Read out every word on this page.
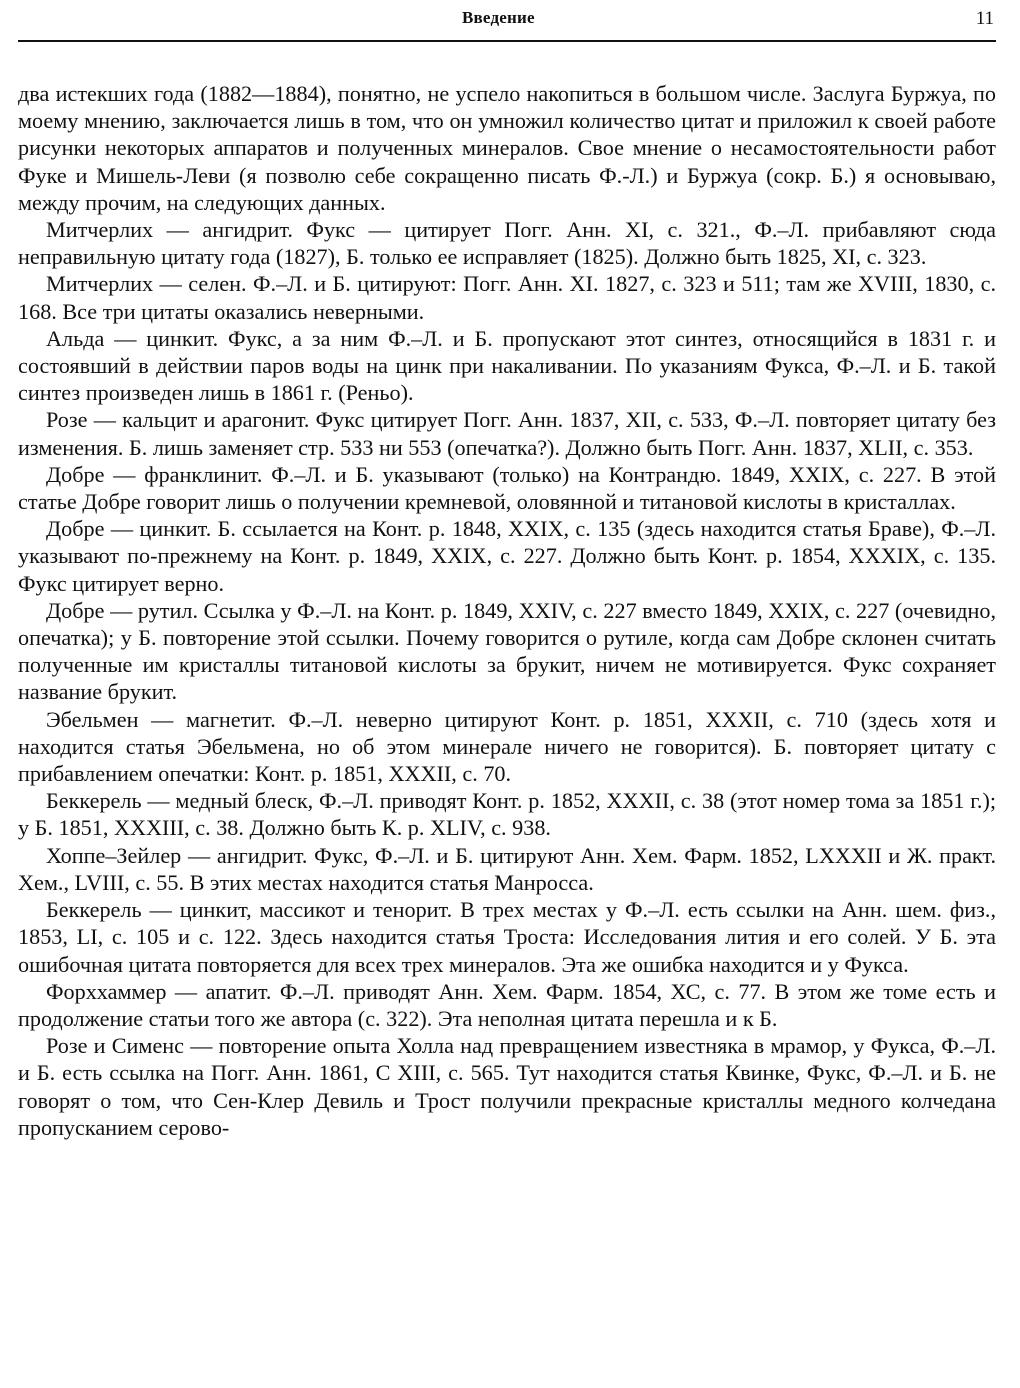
Введение	11

два истекших года (1882—1884), понятно, не успело накопиться в большом числе. Заслуга Буржуа, по моему мнению, заключается лишь в том, что он умножил количество цитат и приложил к своей работе рисунки некоторых аппаратов и полученных минералов. Свое мнение о несамостоятельности работ Фуке и Мишель-Леви (я позволю себе сокращенно писать Ф.-Л.) и Буржуа (сокр. Б.) я основываю, между прочим, на следующих данных.

Митчерлих — ангидрит. Фукс — цитирует Погг. Анн. XI, с. 321., Ф.–Л. прибавляют сюда неправильную цитату года (1827), Б. только ее исправляет (1825). Должно быть 1825, XI, с. 323.

Митчерлих — селен. Ф.–Л. и Б. цитируют: Погг. Анн. XI. 1827, с. 323 и 511; там же XVIII, 1830, с. 168. Все три цитаты оказались неверными.

Альда — цинкит. Фукс, а за ним Ф.–Л. и Б. пропускают этот синтез, относящийся в 1831 г. и состоявший в действии паров воды на цинк при накаливании. По указаниям Фукса, Ф.–Л. и Б. такой синтез произведен лишь в 1861 г. (Реньо).

Розе — кальцит и арагонит. Фукс цитирует Погг. Анн. 1837, XII, с. 533, Ф.–Л. повторяет цитату без изменения. Б. лишь заменяет стр. 533 ни 553 (опечатка?). Должно быть Погг. Анн. 1837, XLII, с. 353.

Добре — франклинит. Ф.–Л. и Б. указывают (только) на Контрандю. 1849, XXIX, с. 227. В этой статье Добре говорит лишь о получении кремневой, оловянной и титановой кислоты в кристаллах.

Добре — цинкит. Б. ссылается на Конт. р. 1848, XXIX, с. 135 (здесь находится статья Браве), Ф.–Л. указывают по-прежнему на Конт. р. 1849, XXIX, с. 227. Должно быть Конт. р. 1854, XXXIX, с. 135. Фукс цитирует верно.

Добре — рутил. Ссылка у Ф.–Л. на Конт. р. 1849, XXIV, с. 227 вместо 1849, XXIX, с. 227 (очевидно, опечатка); у Б. повторение этой ссылки. Почему говорится о рутиле, когда сам Добре склонен считать полученные им кристаллы титановой кислоты за брукит, ничем не мотивируется. Фукс сохраняет название брукит.

Эбельмен — магнетит. Ф.–Л. неверно цитируют Конт. р. 1851, XXXII, с. 710 (здесь хотя и находится статья Эбельмена, но об этом минерале ничего не говорится). Б. повторяет цитату с прибавлением опечатки: Конт. р. 1851, XXXII, с. 70.

Беккерель — медный блеск, Ф.–Л. приводят Конт. р. 1852, XXXII, с. 38 (этот номер тома за 1851 г.); у Б. 1851, XXXIII, с. 38. Должно быть К. р. XLIV, с. 938.

Хоппе–Зейлер — ангидрит. Фукс, Ф.–Л. и Б. цитируют Анн. Хем. Фарм. 1852, LXXXII и Ж. практ. Хем., LVIII, с. 55. В этих местах находится статья Манросса.

Беккерель — цинкит, массикот и тенорит. В трех местах у Ф.–Л. есть ссылки на Анн. шем. физ., 1853, LI, с. 105 и с. 122. Здесь находится статья Троста: Исследования лития и его солей. У Б. эта ошибочная цитата повторяется для всех трех минералов. Эта же ошибка находится и у Фукса.

Форххаммер — апатит. Ф.–Л. приводят Анн. Хем. Фарм. 1854, ХС, с. 77. В этом же томе есть и продолжение статьи того же автора (с. 322). Эта неполная цитата перешла и к Б.

Розе и Сименс — повторение опыта Холла над превращением известняка в мрамор, у Фукса, Ф.–Л. и Б. есть ссылка на Погг. Анн. 1861, С XIII, с. 565. Тут находится статья Квинке, Фукс, Ф.–Л. и Б. не говорят о том, что Сен-Клер Девиль и Трост получили прекрасные кристаллы медного колчедана пропусканием серово-
